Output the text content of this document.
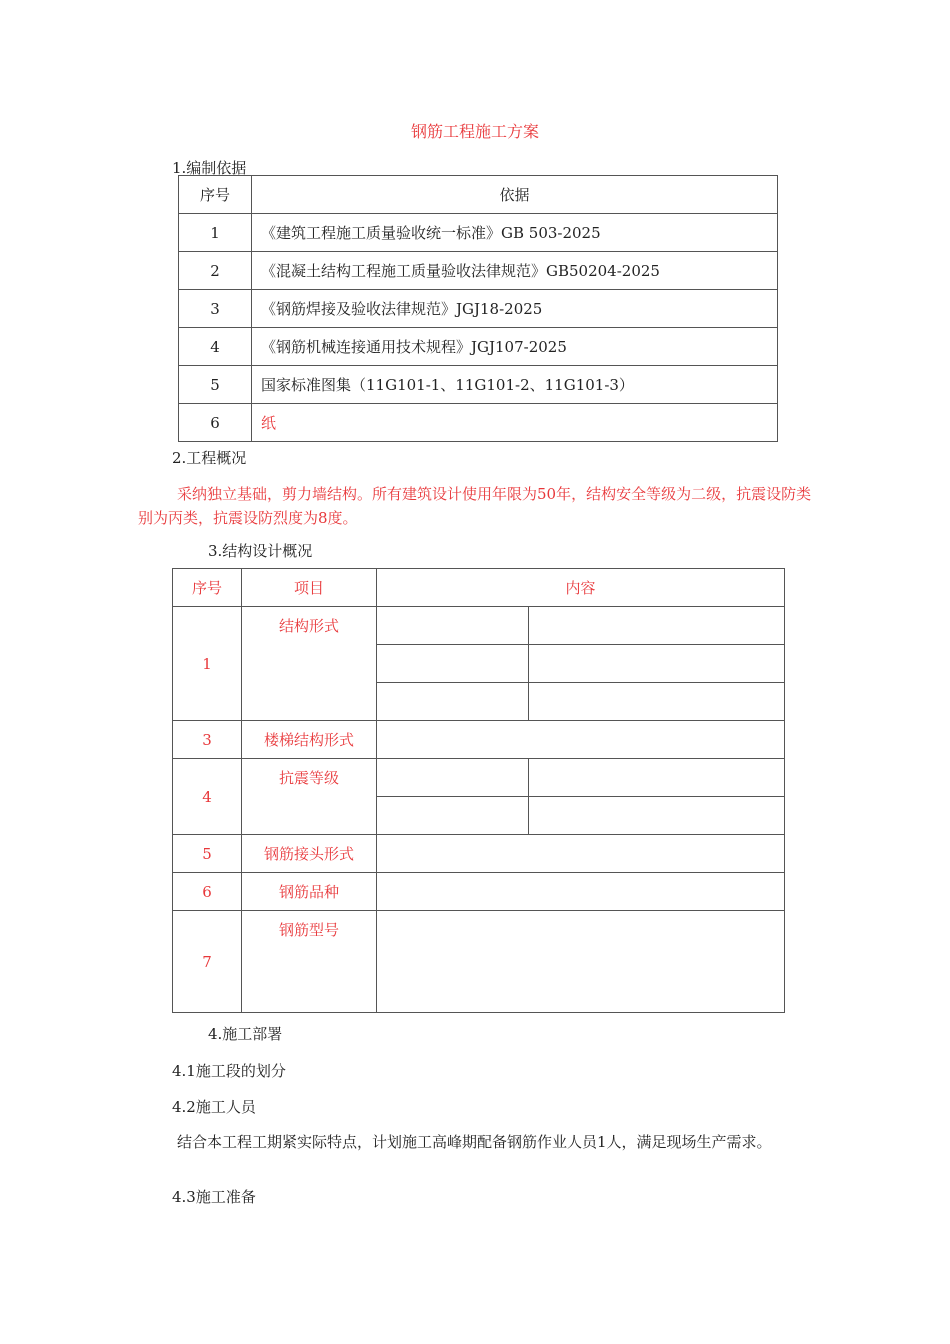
钢筋工程施工方案
1.编制依据
序号	依据
1	《建筑工程施工质量验收统一标准》GB 503-2025
2	《混凝土结构工程施工质量验收法律规范》GB50204-2025
3	《钢筋焊接及验收法律规范》JGJ18-2025
4	《钢筋机械连接通用技术规程》JGJ107-2025
5	国家标准图集（11G101-1、11G101-2、11G101-3）
6	纸
2.工程概况
采纳独立基础，剪力墙结构。所有建筑设计使用年限为50年，结构安全等级为二级，抗震设防类别为丙类，抗震设防烈度为8度。
3.结构设计概况
序号	项目	内容	
1	结构形式		

3	楼梯结构形式		
4	抗震等级		

5	钢筋接头形式		
6	钢筋品种		
7	钢筋型号		
4.施工部署
4.1施工段的划分
4.2施工人员
结合本工程工期紧实际特点，计划施工高峰期配备钢筋作业人员1人，满足现场生产需求。
4.3施工准备
